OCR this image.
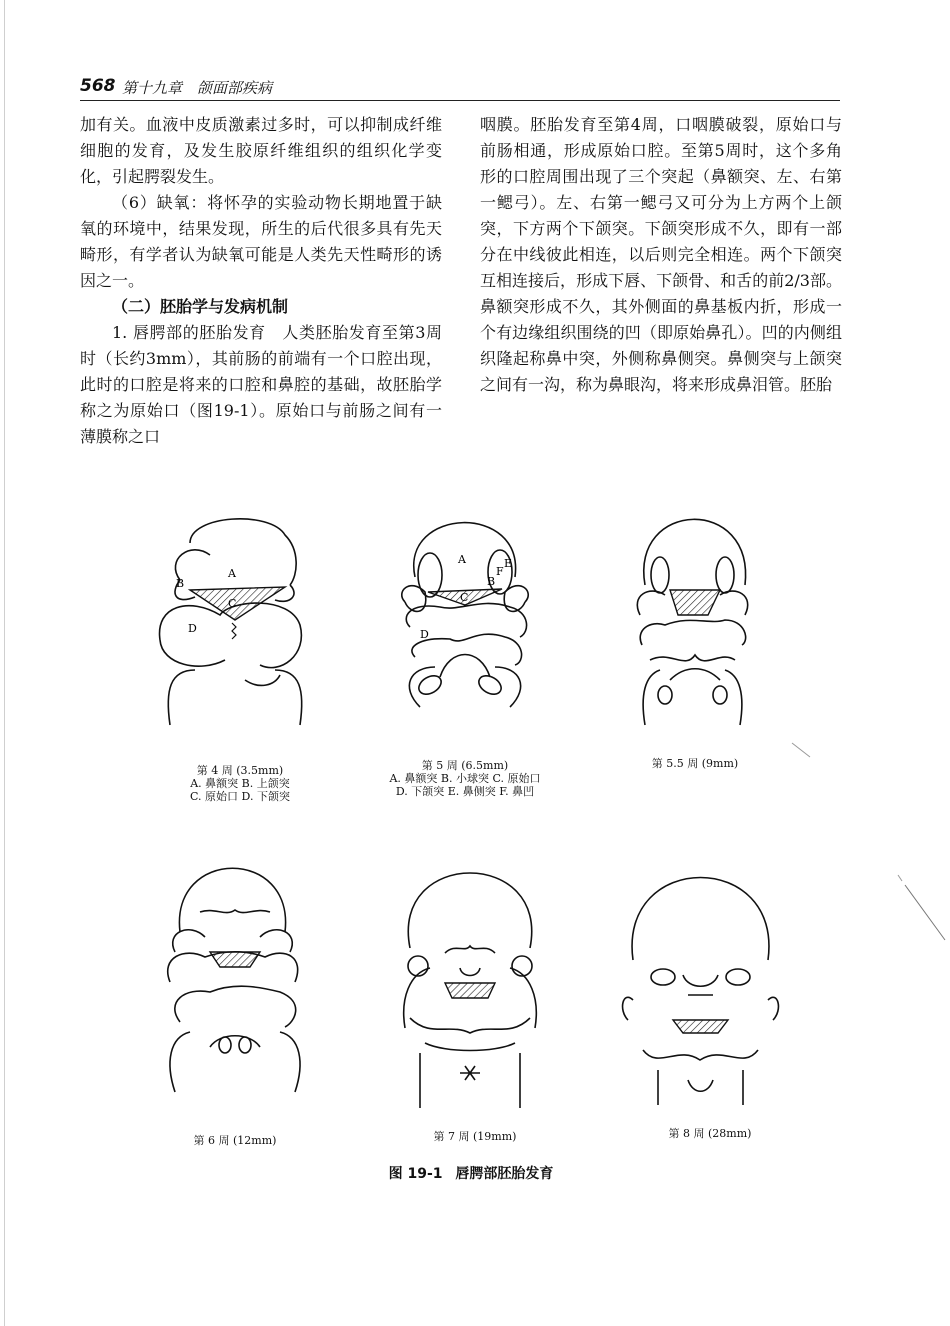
568 第十九章　颌面部疾病

加有关。血液中皮质激素过多时，可以抑制成纤维细胞的发育，及发生胶原纤维组织的组织化学变化，引起腭裂发生。

（6）缺氧：将怀孕的实验动物长期地置于缺氧的环境中，结果发现，所生的后代很多具有先天畸形，有学者认为缺氧可能是人类先天性畸形的诱因之一。

（二）胚胎学与发病机制

1. 唇腭部的胚胎发育　人类胚胎发育至第3周时（长约3mm），其前肠的前端有一个口腔出现，此时的口腔是将来的口腔和鼻腔的基础，故胚胎学称之为原始口（图19-1）。原始口与前肠之间有一薄膜称之口

咽膜。胚胎发育至第4周，口咽膜破裂，原始口与前肠相通，形成原始口腔。至第5周时，这个多角形的口腔周围出现了三个突起（鼻额突、左、右第一鳃弓）。左、右第一鳃弓又可分为上方两个上颌突，下方两个下颌突。下颌突形成不久，即有一部分在中线彼此相连，以后则完全相连。两个下颌突互相连接后，形成下唇、下颌骨、和舌的前2/3部。鼻额突形成不久，其外侧面的鼻基板内折，形成一个有边缘组织围绕的凹（即原始鼻孔）。凹的内侧组织隆起称鼻中突，外侧称鼻侧突。鼻侧突与上颌突之间有一沟，称为鼻眼沟，将来形成鼻泪管。胚胎

A
B
C
D
第 4 周 (3.5mm)
A. 鼻额突 B. 上颌突
C. 原始口 D. 下颌突
A
B
C
D
E
F
第 5 周 (6.5mm)
A. 鼻额突 B. 小球突 C. 原始口
D. 下颌突 E. 鼻侧突 F. 鼻凹
第 5.5 周 (9mm)
第 6 周 (12mm)	第 7 周 (19mm)	第 8 周 (28mm)
图 19-1 唇腭部胚胎发育
